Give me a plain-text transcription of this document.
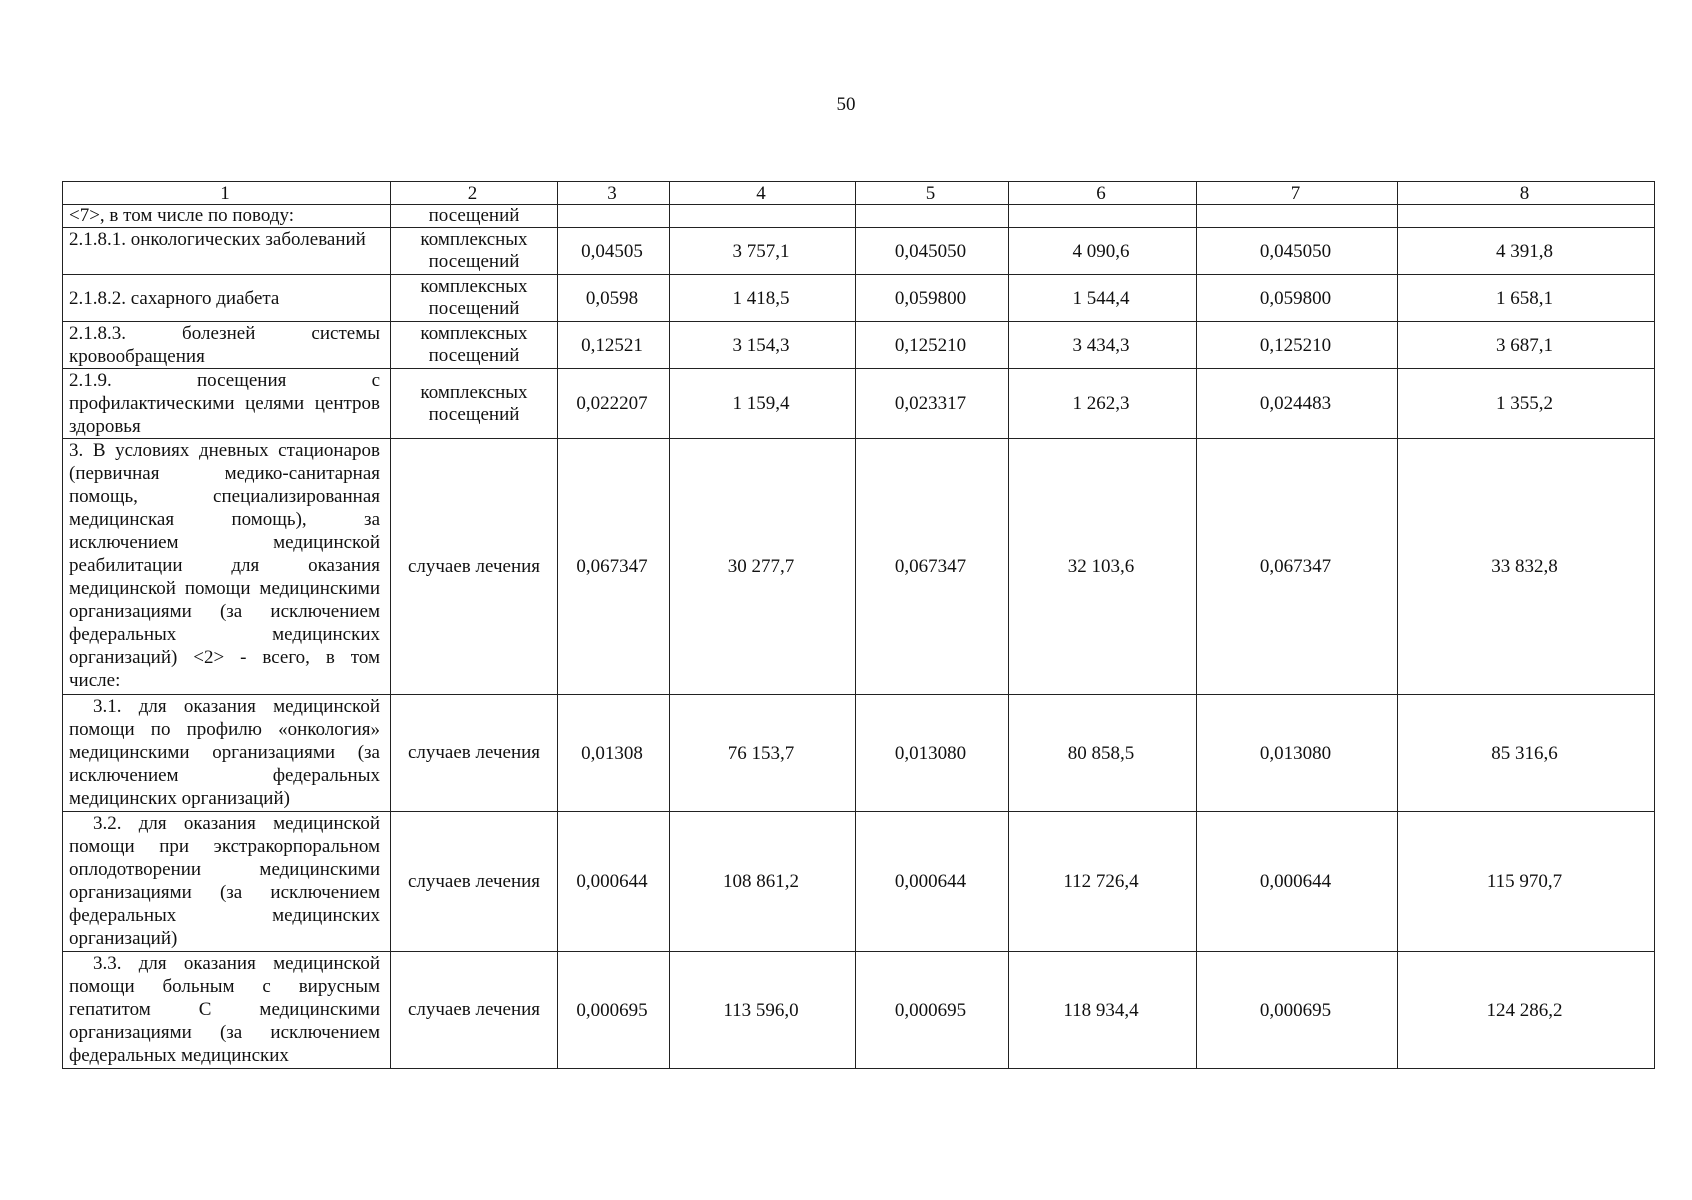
50
1	2	3	4	5	6	7	8
<7>, в том числе по поводу:	посещений						
2.1.8.1. онкологических заболеваний	комплексных посещений	0,04505	3 757,1	0,045050	4 090,6	0,045050	4 391,8
2.1.8.2. сахарного диабета	комплексных посещений	0,0598	1 418,5	0,059800	1 544,4	0,059800	1 658,1
2.1.8.3. болезней системы кровообращения	комплексных посещений	0,12521	3 154,3	0,125210	3 434,3	0,125210	3 687,1
2.1.9. посещения с профилактическими целями центров здоровья	комплексных посещений	0,022207	1 159,4	0,023317	1 262,3	0,024483	1 355,2
3. В условиях дневных стационаров (первичная медико-санитарная помощь, специализированная медицинская помощь), за исключением медицинской реабилитации для оказания медицинской помощи медицинскими организациями (за исключением федеральных медицинских организаций) <2> - всего, в том числе:	случаев лечения	0,067347	30 277,7	0,067347	32 103,6	0,067347	33 832,8
3.1. для оказания медицинской помощи по профилю «онкология» медицинскими организациями (за исключением федеральных медицинских организаций)	случаев лечения	0,01308	76 153,7	0,013080	80 858,5	0,013080	85 316,6
3.2. для оказания медицинской помощи при экстракорпоральном оплодотворении медицинскими организациями (за исключением федеральных медицинских организаций)	случаев лечения	0,000644	108 861,2	0,000644	112 726,4	0,000644	115 970,7
3.3. для оказания медицинской помощи больным с вирусным гепатитом С медицинскими организациями (за исключением федеральных медицинских	случаев лечения	0,000695	113 596,0	0,000695	118 934,4	0,000695	124 286,2
